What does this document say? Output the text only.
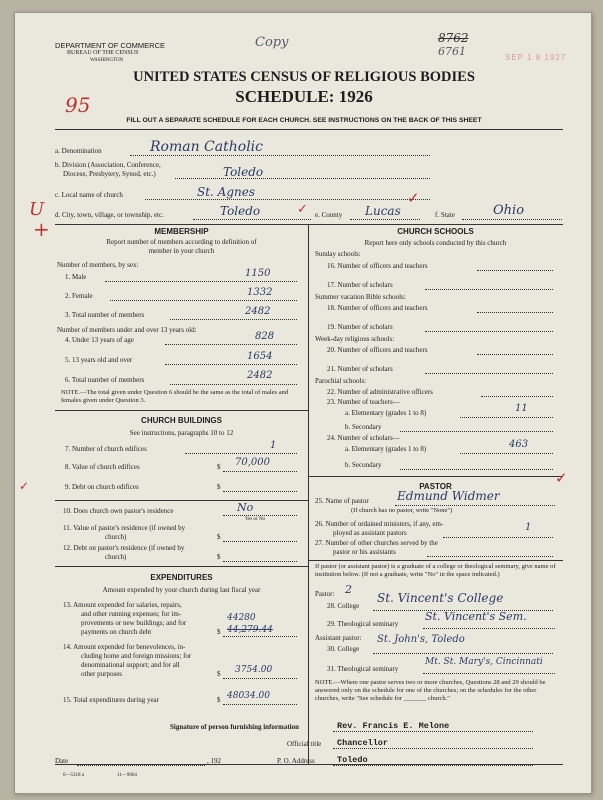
DEPARTMENT OF COMMERCE
BUREAU OF THE CENSUS
WASHINGTON
Copy	8762
6761	SEP 1 8 1927
UNITED STATES CENSUS OF RELIGIOUS BODIES
SCHEDULE: 1926
95
FILL OUT A SEPARATE SCHEDULE FOR EACH CHURCH. SEE INSTRUCTIONS ON THE BACK OF THIS SHEET
a. Denomination	Roman Catholic
b. Division (Association, Conference,
Diocese, Presbytery, Synod, etc.)	Toledo
c. Local name of church	St. Agnes
U
+
d. City, town, village, or township, etc.	Toledo	✓ e. County Lucas
✓
f. State	Ohio
MEMBERSHIP
Report number of members according to definition of
member in your church
Number of members, by sex:
1. Male	1150
2. Female	1332
3. Total number of members	2482
Number of members under and over 13 years old:
4. Under 13 years of age	828
5. 13 years old and over	1654
6. Total number of members	2482
NOTE.—The total given under Question 6 should be the same as the total of males and females given under Question 3.
CHURCH BUILDINGS
See instructions, paragraphs 10 to 12
7. Number of church edifices	1
8. Value of church edifices	$ 70,000
9. Debt on church edifices	$
✓
10. Does church own pastor's residence	No
Yes or No
11. Value of pastor's residence (if owned by
church)	$
12. Debt on pastor's residence (if owned by
church)	$
EXPENDITURES
Amount expended by your church during last fiscal year
13. Amount expended for salaries, repairs,
and other running expenses; for im-
provements or new buildings; and for
payments on church debt	$
44280
44,279.44
14. Amount expended for benevolences, in-
cluding home and foreign missions; for
denominational support; and for all
other purposes	$ 3754.00
15. Total expenditures during year	$ 48034.00
CHURCH SCHOOLS
Report here only schools conducted by this church
Sunday schools:
16. Number of officers and teachers
17. Number of scholars
Summer vacation Bible schools:
18. Number of officers and teachers
19. Number of scholars
Week-day religious schools:
20. Number of officers and teachers
21. Number of scholars
Parochial schools:
22. Number of administrative officers
23. Number of teachers—
a. Elementary (grades 1 to 8)	11
b. Secondary
24. Number of scholars—
a. Elementary (grades 1 to 8)	463
b. Secondary
PASTOR
25. Name of pastor Edmund Widmer
✓
(If church has no pastor, write "None")
26. Number of ordained ministers, if any, em-
ployed as assistant pastors	1
27. Number of other churches served by the
pastor or his assistants
If pastor (or assistant pastor) is a graduate of a college or theological seminary, give name of institution below. (If not a graduate, write "No" in the space indicated.)
Pastor: 2
28. College
St. Vincent's College
29. Theological seminary
St. Vincent's Sem.
Assistant pastor:
30. College
St. John's, Toledo
31. Theological seminary
Mt. St. Mary's, Cincinnati
NOTE.—Where one pastor serves two or more churches, Questions 28 and 29 should be answered only on the schedule for one of the churches; on the schedules for the other churches, write "See schedule for _______ church."
Signature of person furnishing information	Rev. Francis E. Melone
Official title Chancellor
Date	, 192	P. O. Address	Toledo
6—5318 a	11—9064
